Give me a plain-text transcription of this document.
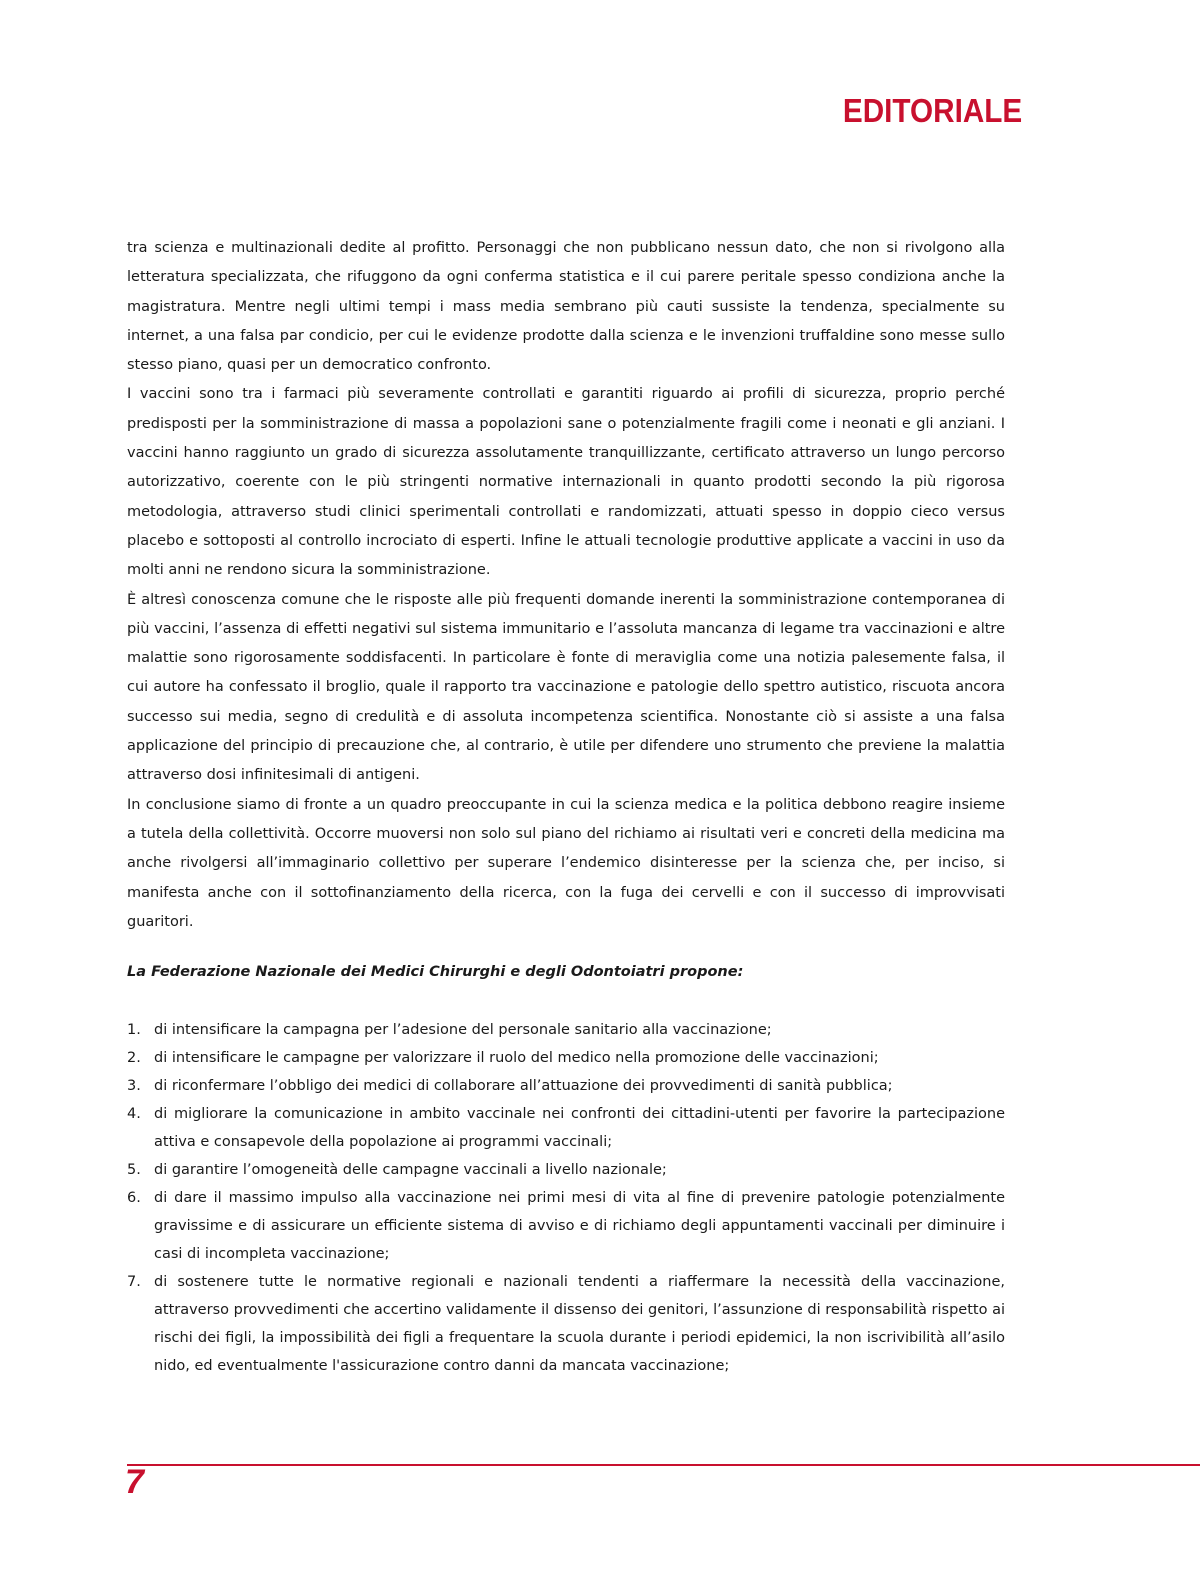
EDITORIALE

tra scienza e multinazionali dedite al profitto. Personaggi che non pubblicano nessun dato, che non si rivolgono alla letteratura specializzata, che rifuggono da ogni conferma statistica e il cui parere peritale spesso condiziona anche la magistratura. Mentre negli ultimi tempi i mass media sembrano più cauti sussiste la tendenza, specialmente su internet, a una falsa par condicio, per cui le evidenze prodotte dalla scienza e le invenzioni truffaldine sono messe sullo stesso piano, quasi per un democratico confronto.

I vaccini sono tra i farmaci più severamente controllati e garantiti riguardo ai profili di sicurezza, proprio perché predisposti per la somministrazione di massa a popolazioni sane o potenzialmente fragili come i neonati e gli anziani. I vaccini hanno raggiunto un grado di sicurezza assolutamente tranquillizzante, certificato attraverso un lungo percorso autorizzativo, coerente con le più stringenti normative internazionali in quanto prodotti secondo la più rigorosa metodologia, attraverso studi clinici sperimentali controllati e randomizzati, attuati spesso in doppio cieco versus placebo e sottoposti al controllo incrociato di esperti. Infine le attuali tecnologie produttive applicate a vaccini in uso da molti anni ne rendono sicura la somministrazione.

È altresì conoscenza comune che le risposte alle più frequenti domande inerenti la somministrazione contemporanea di più vaccini, l’assenza di effetti negativi sul sistema immunitario e l’assoluta mancanza di legame tra vaccinazioni e altre malattie sono rigorosamente soddisfacenti. In particolare è fonte di meraviglia come una notizia palesemente falsa, il cui autore ha confessato il broglio, quale il rapporto tra vaccinazione e patologie dello spettro autistico, riscuota ancora successo sui media, segno di credulità e di assoluta incompetenza scientifica. Nonostante ciò si assiste a una falsa applicazione del principio di precauzione che, al contrario, è utile per difendere uno strumento che previene la malattia attraverso dosi infinitesimali di antigeni.

In conclusione siamo di fronte a un quadro preoccupante in cui la scienza medica e la politica debbono reagire insieme a tutela della collettività. Occorre muoversi non solo sul piano del richiamo ai risultati veri e concreti della medicina ma anche rivolgersi all’immaginario collettivo per superare l’endemico disinteresse per la scienza che, per inciso, si manifesta anche con il sottofinanziamento della ricerca, con la fuga dei cervelli e con il successo di improvvisati guaritori.

La Federazione Nazionale dei Medici Chirurghi e degli Odontoiatri propone:

1. di intensificare la campagna per l’adesione del personale sanitario alla vaccinazione;
2. di intensificare le campagne per valorizzare il ruolo del medico nella promozione delle vaccinazioni;
3. di riconfermare l’obbligo dei medici di collaborare all’attuazione dei provvedimenti di sanità pubblica;
4. di migliorare la comunicazione in ambito vaccinale nei confronti dei cittadini-utenti per favorire la partecipazione attiva e consapevole della popolazione ai programmi vaccinali;
5. di garantire l’omogeneità delle campagne vaccinali a livello nazionale;
6. di dare il massimo impulso alla vaccinazione nei primi mesi di vita al fine di prevenire patologie potenzialmente gravissime e di assicurare un efficiente sistema di avviso e di richiamo degli appuntamenti vaccinali per diminuire i casi di incompleta vaccinazione;
7. di sostenere tutte le normative regionali e nazionali tendenti a riaffermare la necessità della vaccinazione, attraverso provvedimenti che accertino validamente il dissenso dei genitori, l’assunzione di responsabilità rispetto ai rischi dei figli, la impossibilità dei figli a frequentare la scuola durante i periodi epidemici, la non iscrivibilità all’asilo nido, ed eventualmente l'assicurazione contro danni da mancata vaccinazione;

7
